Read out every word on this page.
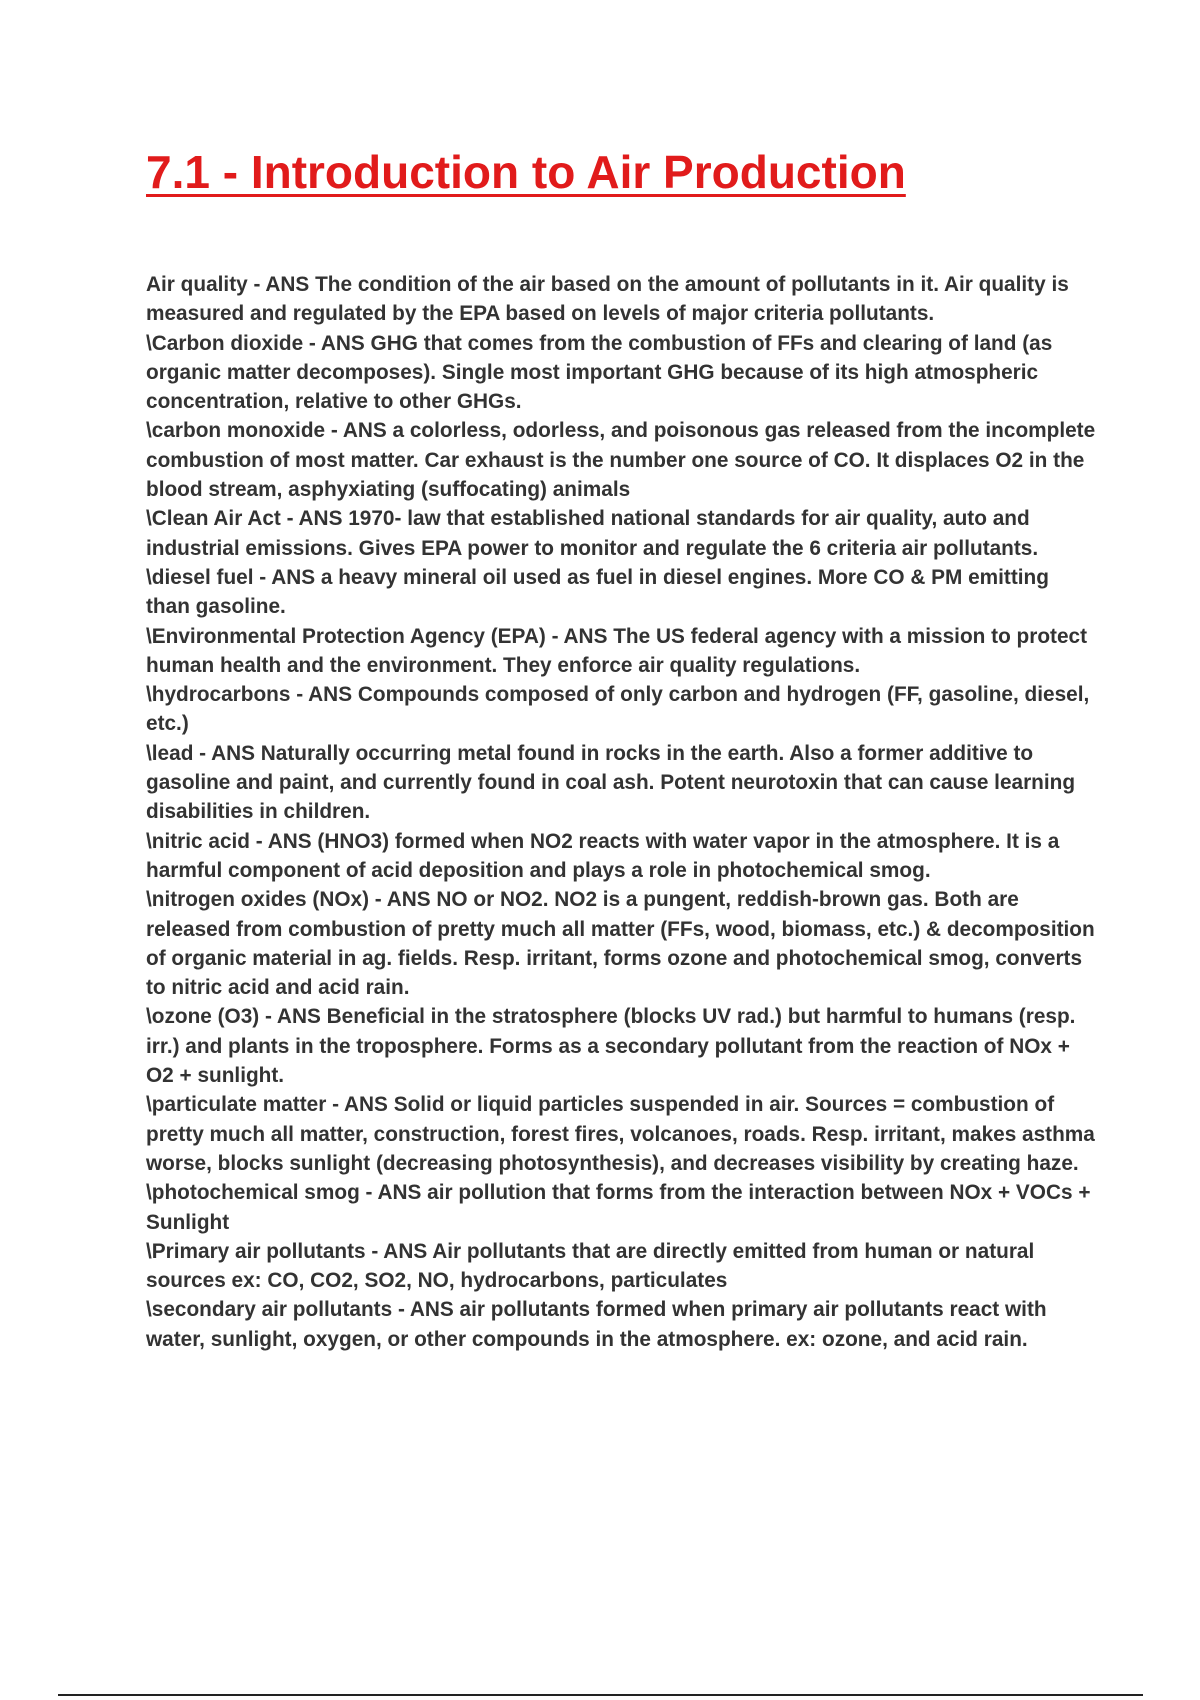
7.1 - Introduction to Air Production
Air quality - ANS The condition of the air based on the amount of pollutants in it. Air quality is measured and regulated by the EPA based on levels of major criteria pollutants.
\Carbon dioxide - ANS GHG that comes from the combustion of FFs and clearing of land (as organic matter decomposes). Single most important GHG because of its high atmospheric concentration, relative to other GHGs.
\carbon monoxide - ANS a colorless, odorless, and poisonous gas released from the incomplete combustion of most matter. Car exhaust is the number one source of CO. It displaces O2 in the blood stream, asphyxiating (suffocating) animals
\Clean Air Act - ANS 1970- law that established national standards for air quality, auto and industrial emissions. Gives EPA power to monitor and regulate the 6 criteria air pollutants.
\diesel fuel - ANS a heavy mineral oil used as fuel in diesel engines. More CO & PM emitting than gasoline.
\Environmental Protection Agency (EPA) - ANS The US federal agency with a mission to protect human health and the environment. They enforce air quality regulations.
\hydrocarbons - ANS Compounds composed of only carbon and hydrogen (FF, gasoline, diesel, etc.)
\lead - ANS Naturally occurring metal found in rocks in the earth. Also a former additive to gasoline and paint, and currently found in coal ash. Potent neurotoxin that can cause learning disabilities in children.
\nitric acid - ANS (HNO3) formed when NO2 reacts with water vapor in the atmosphere. It is a harmful component of acid deposition and plays a role in photochemical smog.
\nitrogen oxides (NOx) - ANS NO or NO2. NO2 is a pungent, reddish-brown gas. Both are released from combustion of pretty much all matter (FFs, wood, biomass, etc.) & decomposition of organic material in ag. fields. Resp. irritant, forms ozone and photochemical smog, converts to nitric acid and acid rain.
\ozone (O3) - ANS Beneficial in the stratosphere (blocks UV rad.) but harmful to humans (resp. irr.) and plants in the troposphere. Forms as a secondary pollutant from the reaction of NOx + O2 + sunlight.
\particulate matter - ANS Solid or liquid particles suspended in air. Sources = combustion of pretty much all matter, construction, forest fires, volcanoes, roads. Resp. irritant, makes asthma worse, blocks sunlight (decreasing photosynthesis), and decreases visibility by creating haze.
\photochemical smog - ANS air pollution that forms from the interaction between NOx + VOCs + Sunlight
\Primary air pollutants - ANS Air pollutants that are directly emitted from human or natural sources ex: CO, CO2, SO2, NO, hydrocarbons, particulates
\secondary air pollutants - ANS air pollutants formed when primary air pollutants react with water, sunlight, oxygen, or other compounds in the atmosphere. ex: ozone, and acid rain.
